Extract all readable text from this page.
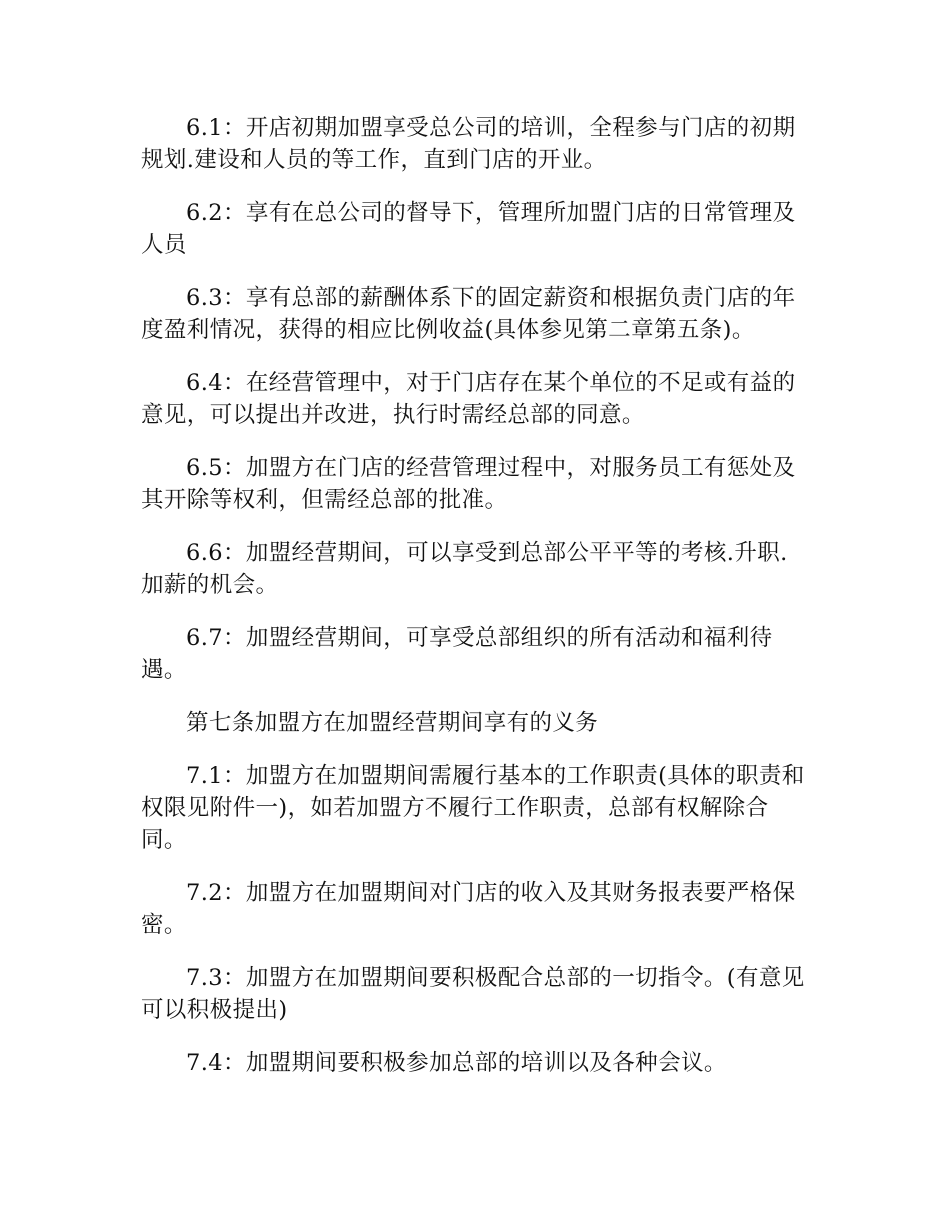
6.1：开店初期加盟享受总公司的培训，全程参与门店的初期规划.建设和人员的等工作，直到门店的开业。

6.2：享有在总公司的督导下，管理所加盟门店的日常管理及人员

6.3：享有总部的薪酬体系下的固定薪资和根据负责门店的年度盈利情况，获得的相应比例收益(具体参见第二章第五条)。

6.4：在经营管理中，对于门店存在某个单位的不足或有益的意见，可以提出并改进，执行时需经总部的同意。

6.5：加盟方在门店的经营管理过程中，对服务员工有惩处及其开除等权利，但需经总部的批准。

6.6：加盟经营期间，可以享受到总部公平平等的考核.升职.加薪的机会。

6.7：加盟经营期间，可享受总部组织的所有活动和福利待遇。

第七条加盟方在加盟经营期间享有的义务

7.1：加盟方在加盟期间需履行基本的工作职责(具体的职责和权限见附件一)，如若加盟方不履行工作职责，总部有权解除合同。

7.2：加盟方在加盟期间对门店的收入及其财务报表要严格保密。

7.3：加盟方在加盟期间要积极配合总部的一切指令。(有意见可以积极提出)

7.4：加盟期间要积极参加总部的培训以及各种会议。
